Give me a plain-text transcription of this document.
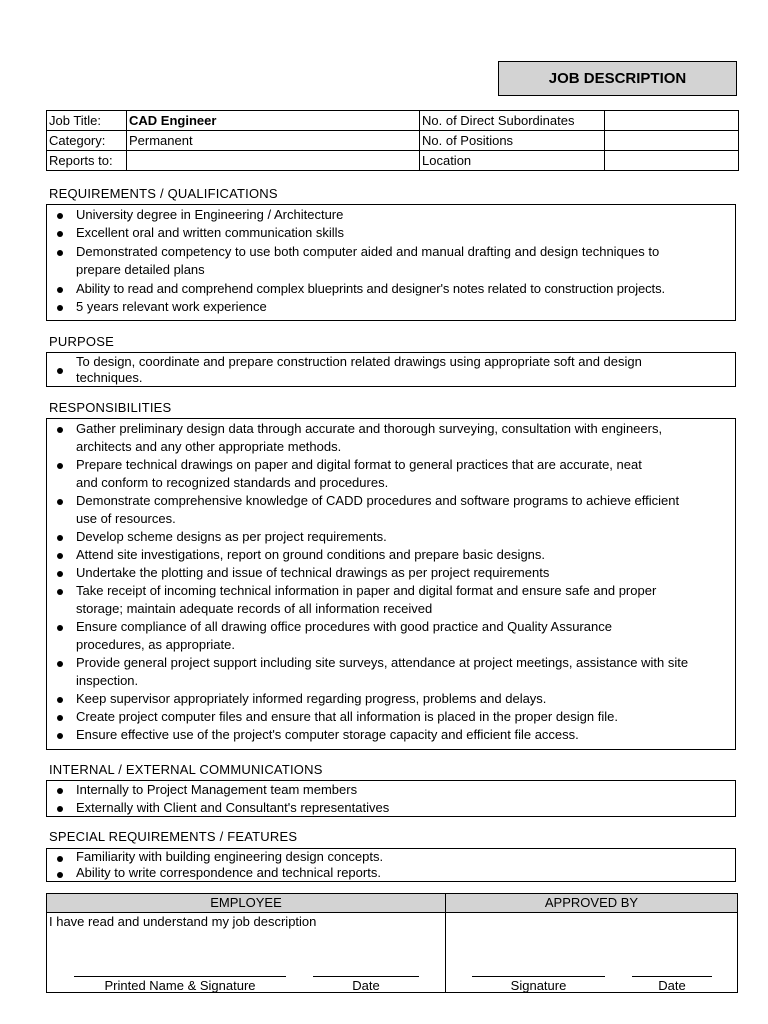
JOB DESCRIPTION
Job Title:	CAD Engineer	No. of Direct Subordinates	
Category:	Permanent	No. of Positions	
Reports to:		Location	
REQUIREMENTS / QUALIFICATIONS
University degree in Engineering / Architecture
Excellent oral and written communication skills
Demonstrated competency to use both computer aided and manual drafting and design techniques to prepare detailed plans
Ability to read and comprehend complex blueprints and designer's notes related to construction projects.
5 years relevant work experience
PURPOSE
To design, coordinate and prepare construction related drawings using appropriate soft and design techniques.
RESPONSIBILITIES
Gather preliminary design data through accurate and thorough surveying, consultation with engineers, architects and any other appropriate methods.
Prepare technical drawings on paper and digital format to general practices that are accurate, neat and conform to recognized standards and procedures.
Demonstrate comprehensive knowledge of CADD procedures and software programs to achieve efficient use of resources.
Develop scheme designs as per project requirements.
Attend site investigations, report on ground conditions and prepare basic designs.
Undertake the plotting and issue of technical drawings as per project requirements
Take receipt of incoming technical information in paper and digital format and ensure safe and proper storage; maintain adequate records of all information received
Ensure compliance of all drawing office procedures with good practice and Quality Assurance procedures, as appropriate.
Provide general project support including site surveys, attendance at project meetings, assistance with site inspection.
Keep supervisor appropriately informed regarding progress, problems and delays.
Create project computer files and ensure that all information is placed in the proper design file.
Ensure effective use of the project's computer storage capacity and efficient file access.
INTERNAL / EXTERNAL COMMUNICATIONS
Internally to Project Management team members
Externally with Client and Consultant's representatives
SPECIAL REQUIREMENTS / FEATURES
Familiarity with building engineering design concepts.
Ability to write correspondence and technical reports.
EMPLOYEE	APPROVED BY
I have read and understand my job description
Printed Name & Signature	Date	Signature	Date
